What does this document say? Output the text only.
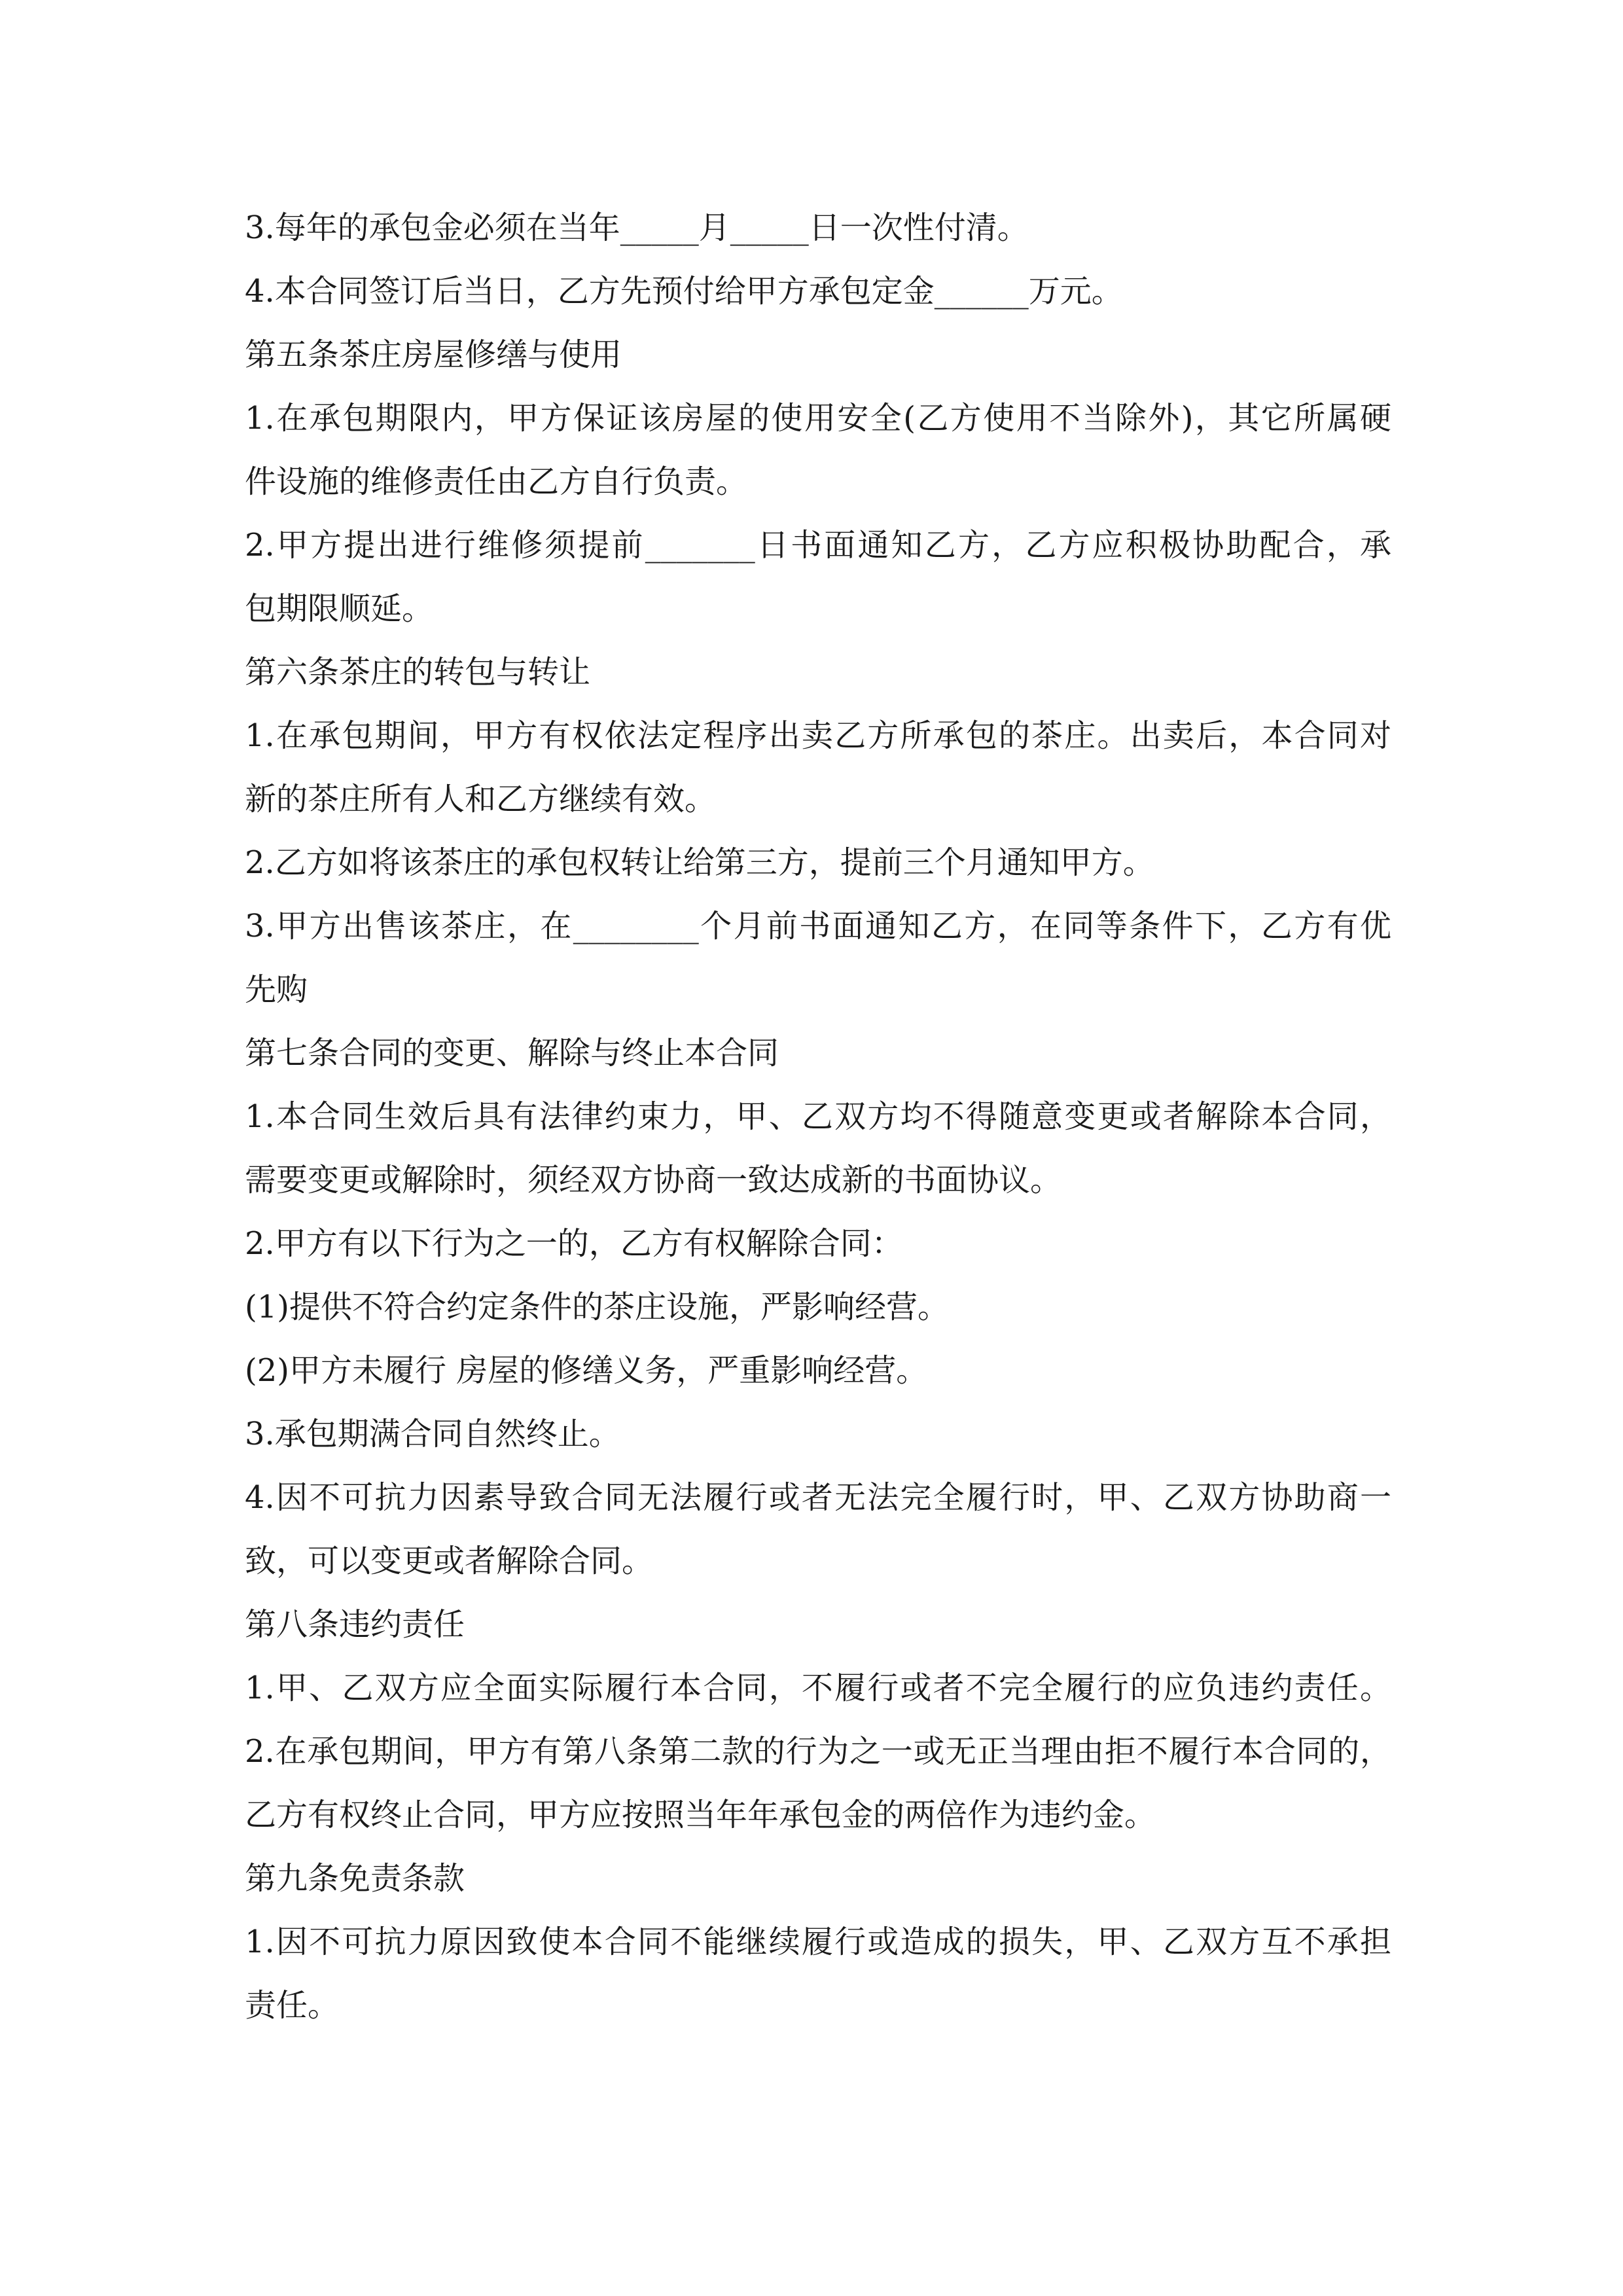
3.每年的承包金必须在当年_____月_____日一次性付清。
4.本合同签订后当日，乙方先预付给甲方承包定金______万元。
第五条茶庄房屋修缮与使用
1.在承包期限内，甲方保证该房屋的使用安全(乙方使用不当除外)，其它所属硬
件设施的维修责任由乙方自行负责。
2.甲方提出进行维修须提前_______日书面通知乙方，乙方应积极协助配合，承
包期限顺延。
第六条茶庄的转包与转让
1.在承包期间，甲方有权依法定程序出卖乙方所承包的茶庄。出卖后，本合同对
新的茶庄所有人和乙方继续有效。
2.乙方如将该茶庄的承包权转让给第三方，提前三个月通知甲方。
3.甲方出售该茶庄，在________个月前书面通知乙方，在同等条件下，乙方有优
先购
第七条合同的变更、解除与终止本合同
1.本合同生效后具有法律约束力，甲、乙双方均不得随意变更或者解除本合同，
需要变更或解除时，须经双方协商一致达成新的书面协议。
2.甲方有以下行为之一的，乙方有权解除合同：
(1)提供不符合约定条件的茶庄设施，严影响经营。
(2)甲方未履行 房屋的修缮义务，严重影响经营。
3.承包期满合同自然终止。
4.因不可抗力因素导致合同无法履行或者无法完全履行时，甲、乙双方协助商一
致，可以变更或者解除合同。
第八条违约责任
1.甲、乙双方应全面实际履行本合同，不履行或者不完全履行的应负违约责任。
2.在承包期间，甲方有第八条第二款的行为之一或无正当理由拒不履行本合同的，
乙方有权终止合同，甲方应按照当年年承包金的两倍作为违约金。
第九条免责条款
1.因不可抗力原因致使本合同不能继续履行或造成的损失，甲、乙双方互不承担
责任。
